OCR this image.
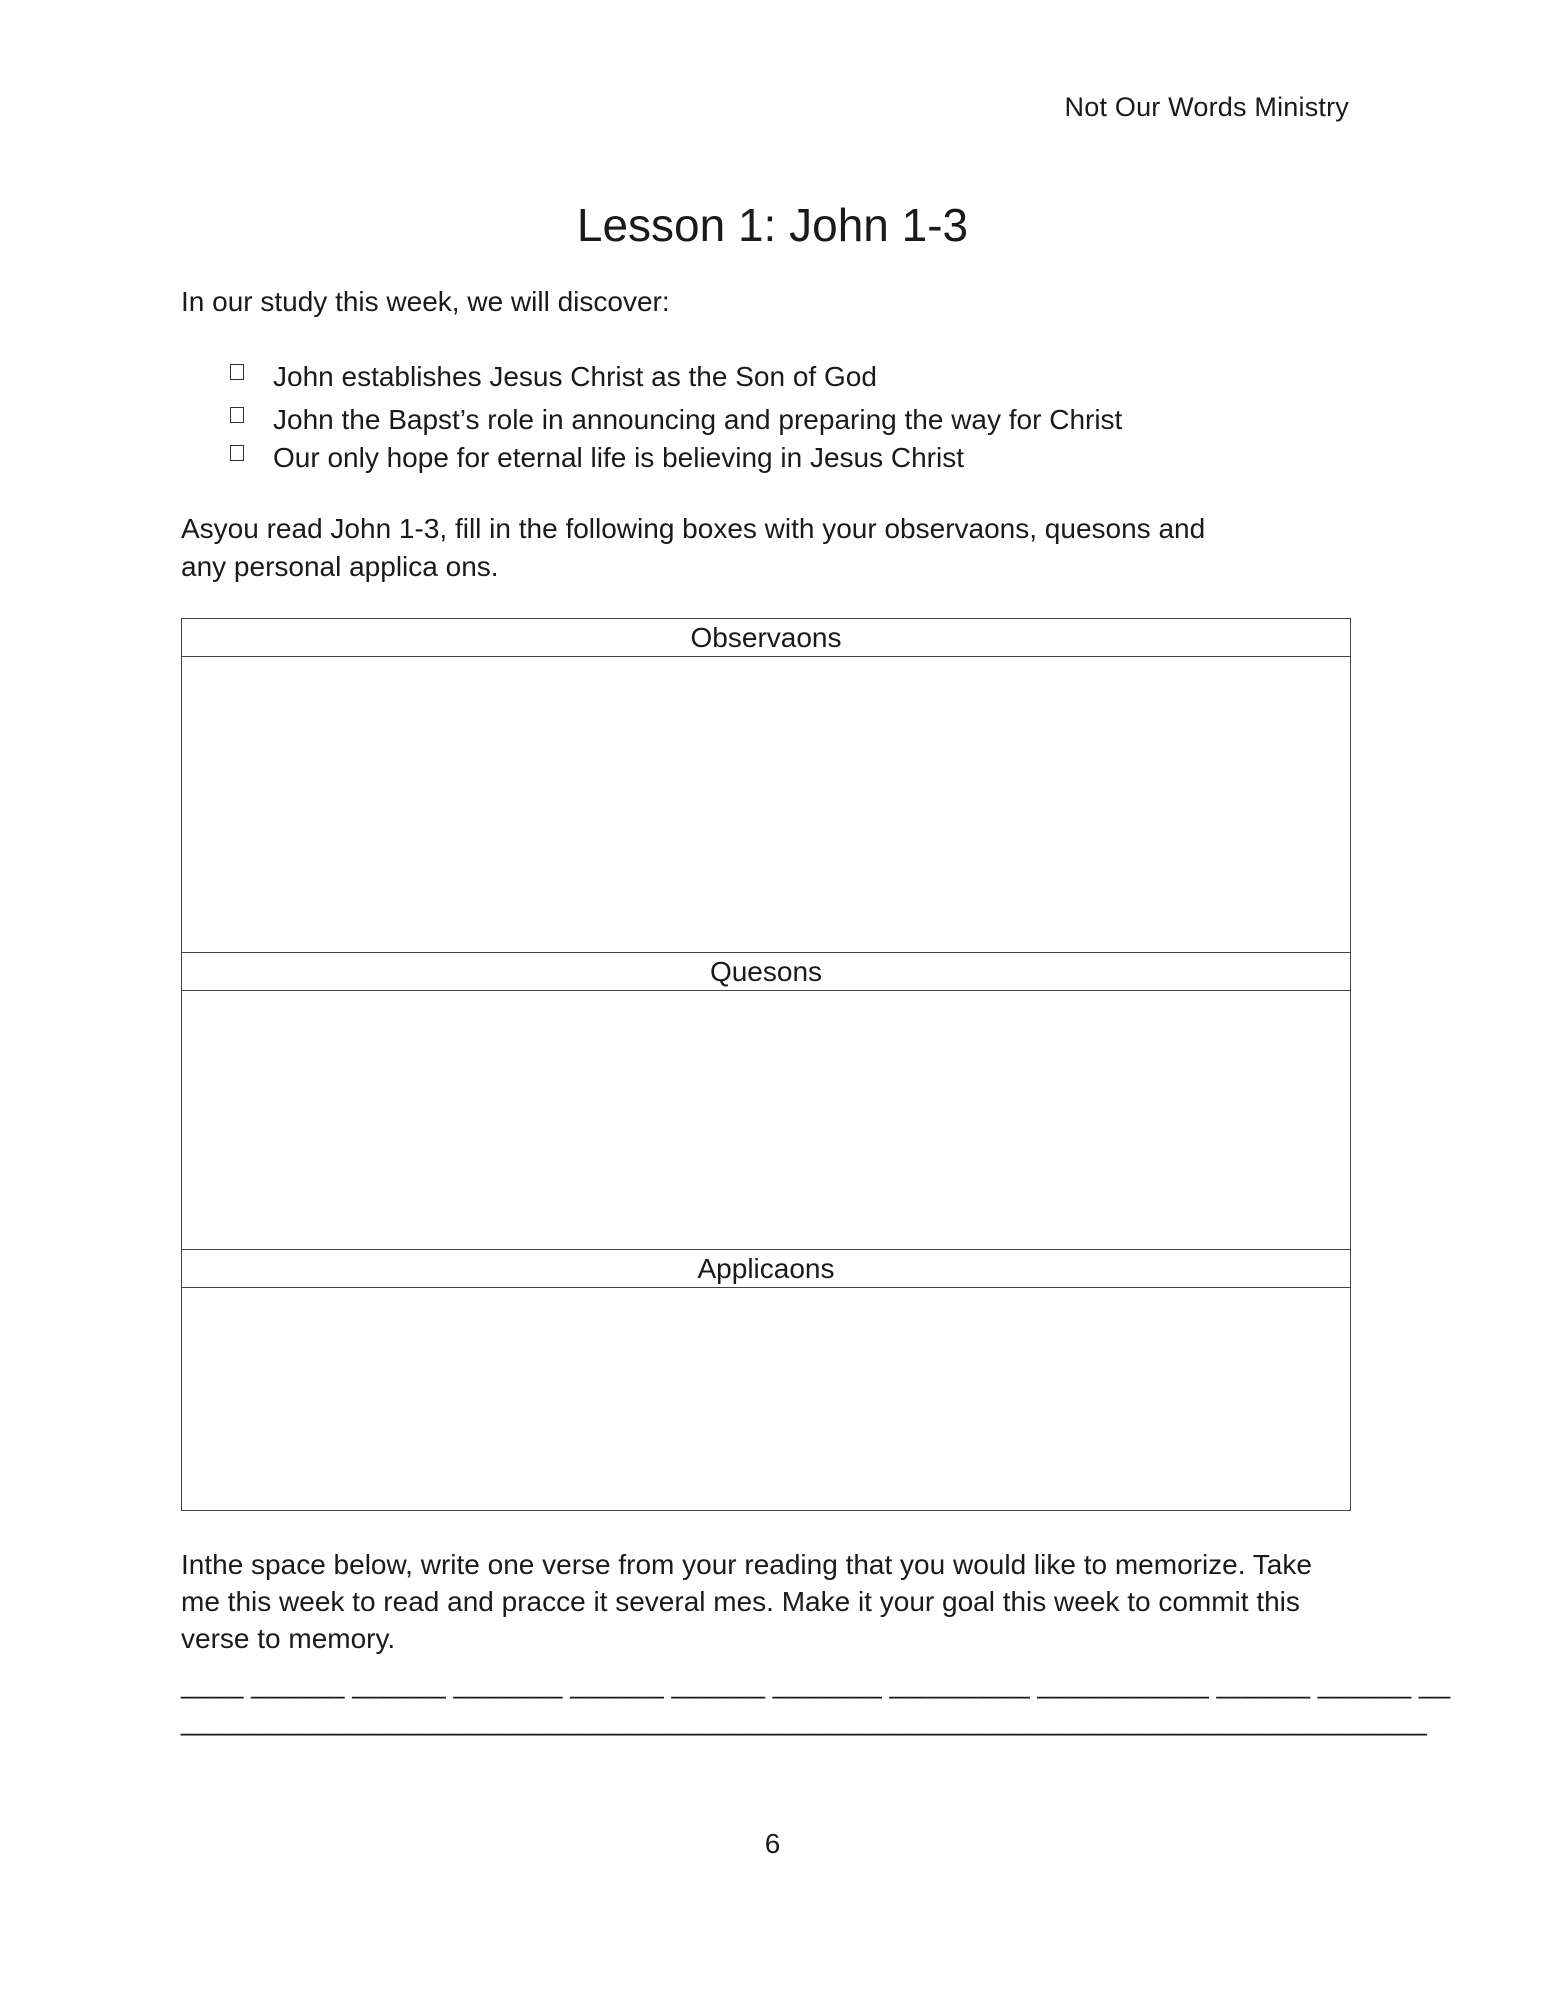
Not Our Words Ministry
Lesson 1: John 1-3
In our study this week, we will discover:
John establishes Jesus Christ as the Son of God
John the Bapst’s role in announcing and preparing the way for Christ
Our only hope for eternal life is believing in Jesus Christ
Asyou read John 1-3, fill in the following boxes with your observaons, quesons and any personal applica ons.
Observaons
Quesons
Applicaons
Inthe space below, write one verse from your reading that you would like to memorize. Take me this week to read and pracce it several mes. Make it your goal this week to commit this verse to memory.
____ ______ ______ _______ ______ ______ _______ _________ ___________ ______ ______ __
________________________________________________________________________________
6
